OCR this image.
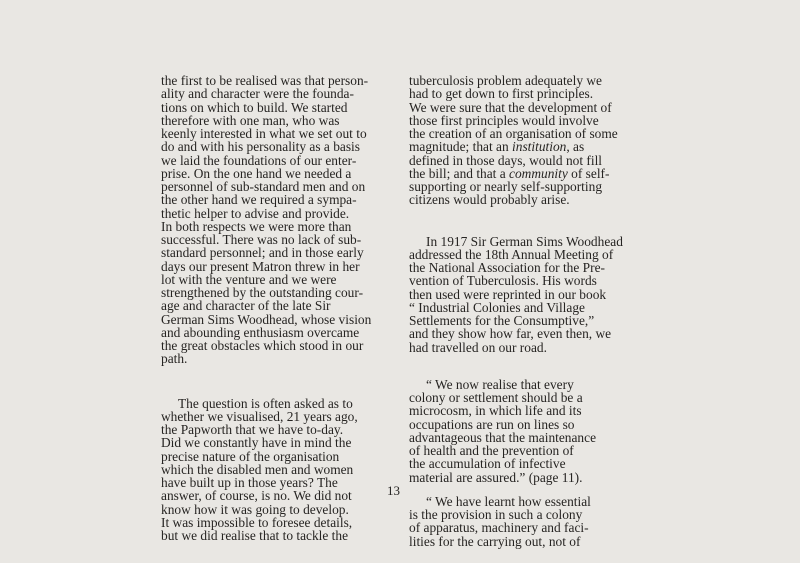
the first to be realised was that person-
ality and character were the founda-
tions on which to build. We started
therefore with one man, who was
keenly interested in what we set out to
do and with his personality as a basis
we laid the foundations of our enter-
prise. On the one hand we needed a
personnel of sub-standard men and on
the other hand we required a sympa-
thetic helper to advise and provide.
In both respects we were more than
successful. There was no lack of sub-
standard personnel; and in those early
days our present Matron threw in her
lot with the venture and we were
strengthened by the outstanding cour-
age and character of the late Sir
German Sims Woodhead, whose vision
and abounding enthusiasm overcame
the great obstacles which stood in our
path.

The question is often asked as to
whether we visualised, 21 years ago,
the Papworth that we have to-day.
Did we constantly have in mind the
precise nature of the organisation
which the disabled men and women
have built up in those years? The
answer, of course, is no. We did not
know how it was going to develop.
It was impossible to foresee details,
but we did realise that to tackle the

tuberculosis problem adequately we
had to get down to first principles.
We were sure that the development of
those first principles would involve
the creation of an organisation of some
magnitude; that an institution, as
defined in those days, would not fill
the bill; and that a community of self-
supporting or nearly self-supporting
citizens would probably arise.

In 1917 Sir German Sims Woodhead
addressed the 18th Annual Meeting of
the National Association for the Pre-
vention of Tuberculosis. His words
then used were reprinted in our book
“ Industrial Colonies and Village
Settlements for the Consumptive,”
and they show how far, even then, we
had travelled on our road.

“ We now realise that every
colony or settlement should be a
microcosm, in which life and its
occupations are run on lines so
advantageous that the maintenance
of health and the prevention of
the accumulation of infective
material are assured.” (page 11).

“ We have learnt how essential
is the provision in such a colony
of apparatus, machinery and faci-
lities for the carrying out, not of

13
